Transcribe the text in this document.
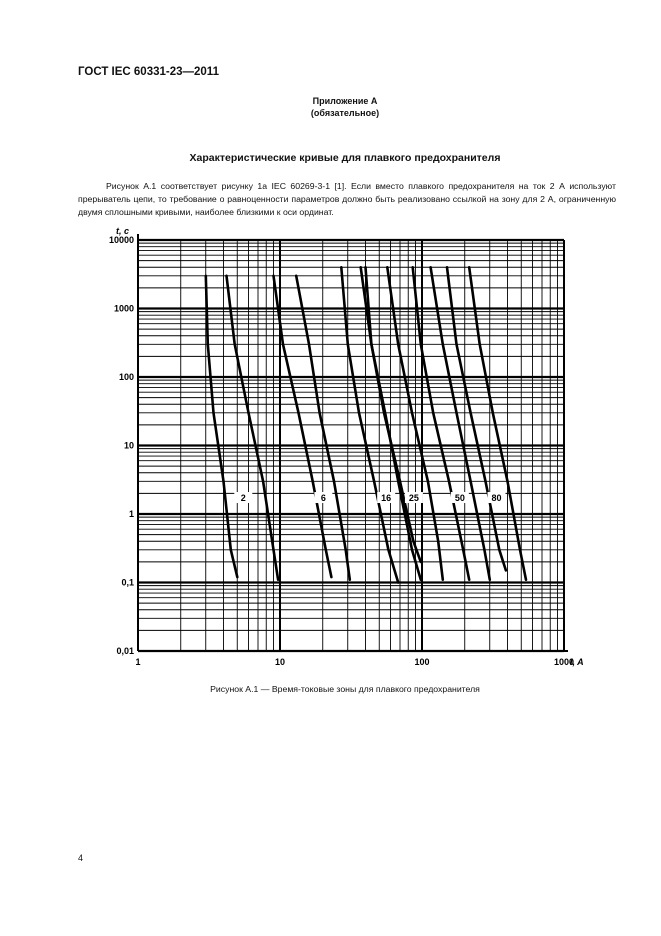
ГОСТ IEC 60331-23—2011
Приложение А
(обязательное)
Характеристические кривые для плавкого предохранителя
Рисунок А.1 соответствует рисунку 1а IEC 60269-3-1 [1]. Если вместо плавкого предохранителя на ток 2 А используют прерыватель цепи, то требование о равноценности параметров должно быть реализовано ссылкой на зону для 2 А, ограниченную двумя сплошными кривыми, наиболее близкими к оси ординат.
0,01
0,1
1
10
100
1000
10000
1	10	100	1000
t, с
I, A
2	6	16 25	50	80
Рисунок А.1 — Время-токовые зоны для плавкого предохранителя
4
